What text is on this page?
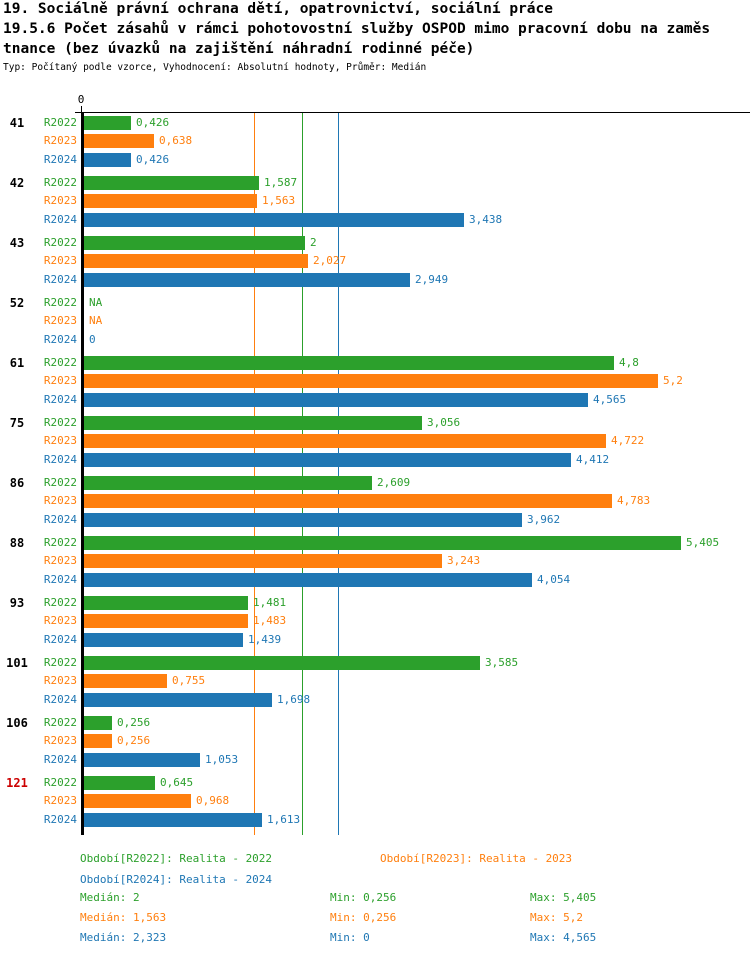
19. Sociálně právní ochrana dětí, opatrovnictví, sociální práce
19.5.6 Počet zásahů v rámci pohotovostní služby OSPOD mimo pracovní dobu na zaměs
tnance (bez úvazků na zajištění náhradní rodinné péče)
Typ: Počítaný podle vzorce, Vyhodnocení: Absolutní hodnoty, Průměr: Medián
0
41	R2022	0,426
R2023	0,638
R2024	0,426
42	R2022	1,587
R2023	1,563
R2024	3,438
43	R2022	2
R2023	2,027
R2024	2,949
52	R2022 NA
R2023 NA
R2024 0
61	R2022	4,8
R2023	5,2
R2024	4,565
75	R2022	3,056
R2023	4,722
R2024	4,412
86	R2022	2,609
R2023	4,783
R2024	3,962
88	R2022	5,405
R2023	3,243
R2024	4,054
93	R2022	1,481
R2023	1,483
R2024	1,439
101	R2022	3,585
R2023	0,755
R2024	1,698
106	R2022	0,256
R2023	0,256
R2024	1,053
121	R2022	0,645
R2023	0,968
R2024	1,613
Období[R2022]: Realita - 2022	Období[R2023]: Realita - 2023
Období[R2024]: Realita - 2024
Medián: 2	Min: 0,256	Max: 5,405
Medián: 1,563	Min: 0,256	Max: 5,2
Medián: 2,323	Min: 0	Max: 4,565
